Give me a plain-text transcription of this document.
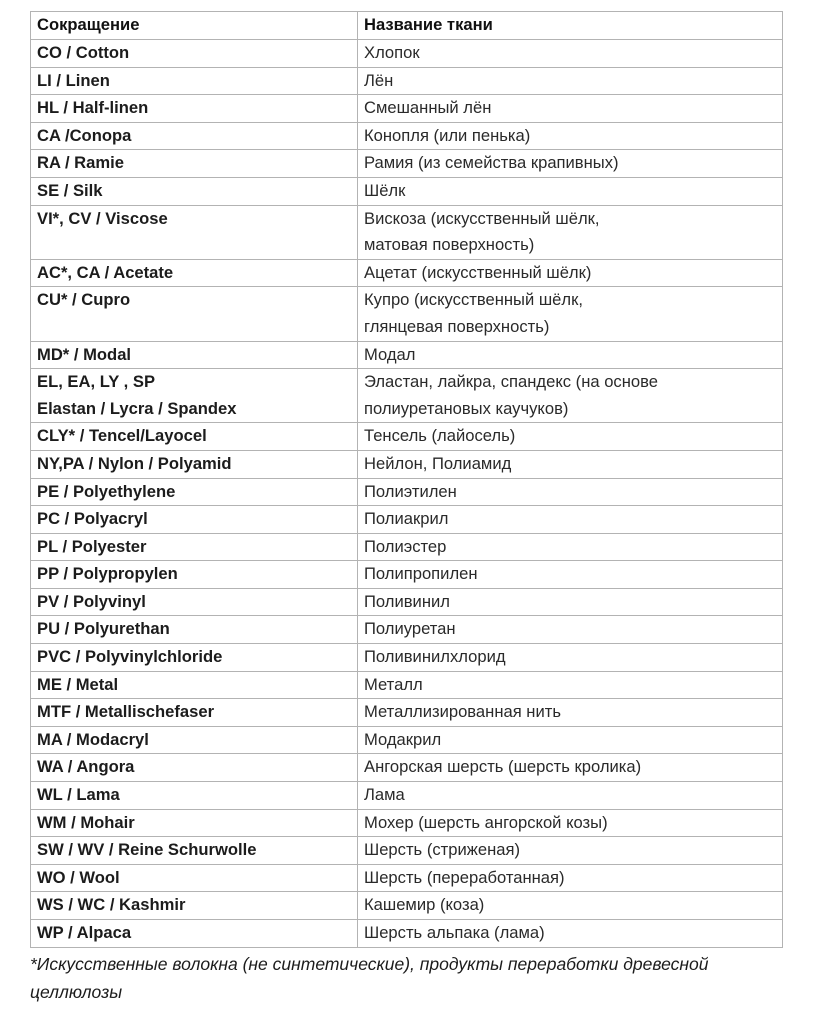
Сокращение	Название ткани
CO / Cotton	Хлопок
LI / Linen	Лён
HL / Half-linen	Смешанный лён
CA /Conopa	Конопля (или пенька)
RA / Ramie	Рамия (из семейства крапивных)
SE / Silk	Шёлк
VI*, CV / Viscose	Вискоза (искусственный шёлк,
матовая поверхность)
AC*, CA / Acetate	Ацетат (искусственный шёлк)
CU* / Cupro	Купро (искусственный шёлк,
глянцевая поверхность)
MD* / Modal	Модал
EL, EA, LY , SP
Elastan / Lycra / Spandex	Эластан, лайкра, спандекс (на основе
полиуретановых каучуков)
CLY* / Tencel/Layocel	Тенсель (лайосель)
NY,PA / Nylon / Polyamid	Нейлон, Полиамид
PE / Polyethylene	Полиэтилен
PC / Polyacryl	Полиакрил
PL / Polyester	Полиэстер
PP / Polypropylen	Полипропилен
PV / Polyvinyl	Поливинил
PU / Polyurethan	Полиуретан
PVC / Polyvinylchloride	Поливинилхлорид
ME / Metal	Металл
MTF / Metallischefaser	Металлизированная нить
MA / Modacryl	Модакрил
WA / Angora	Ангорская шерсть (шерсть кролика)
WL / Lama	Лама
WM / Mohair	Мохер (шерсть ангорской козы)
SW / WV / Reine Schurwolle	Шерсть (стриженая)
WO / Wool	Шерсть (переработанная)
WS / WC / Kashmir	Кашемир (коза)
WP / Alpaca	Шерсть альпака (лама)
*Искусственные волокна (не синтетические), продукты переработки древесной целлюлозы
